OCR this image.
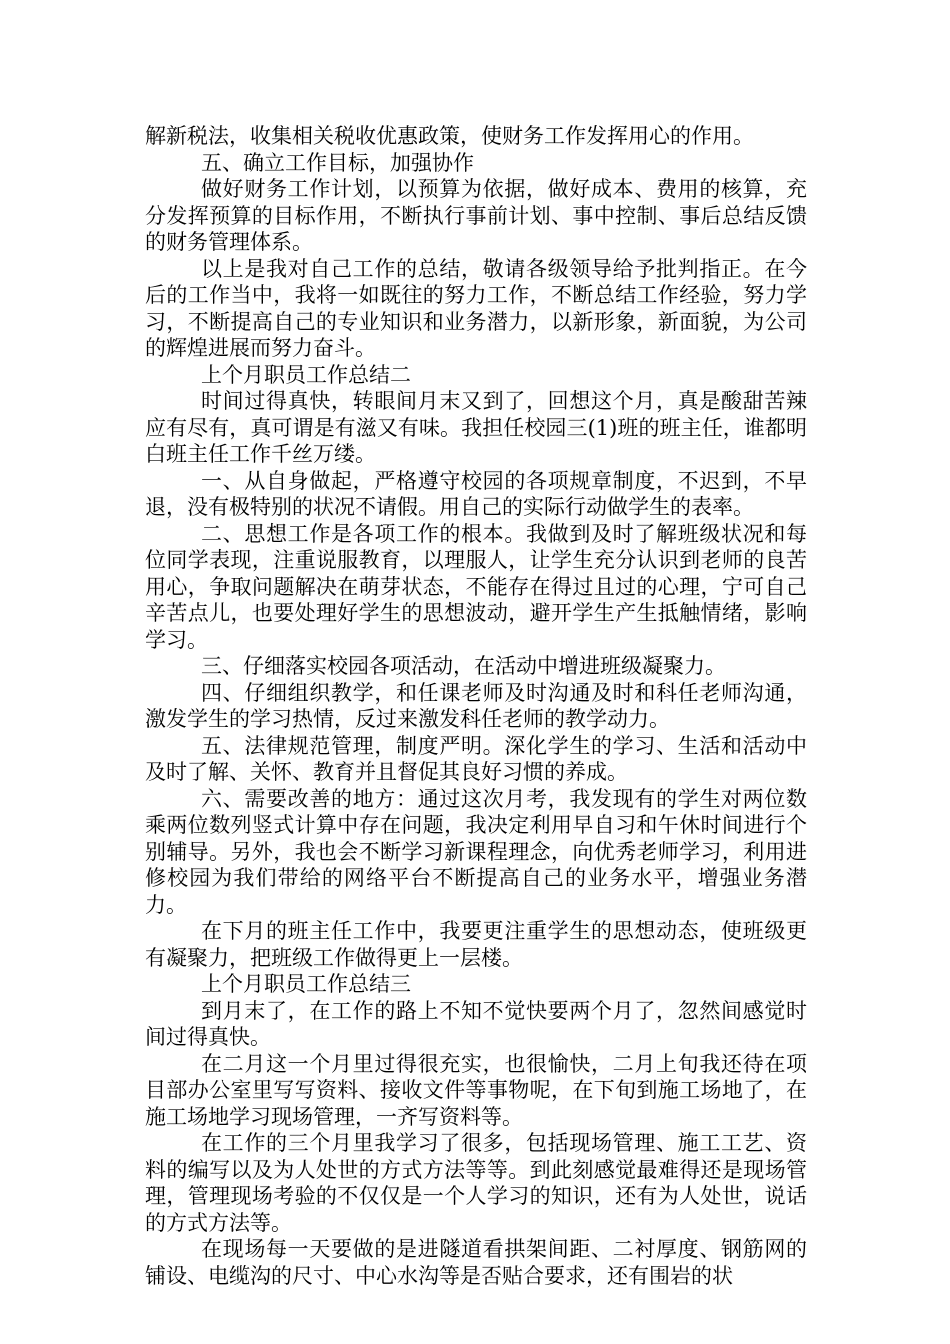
解新税法，收集相关税收优惠政策，使财务工作发挥用心的作用。

五、确立工作目标，加强协作

做好财务工作计划，以预算为依据，做好成本、费用的核算，充分发挥预算的目标作用，不断执行事前计划、事中控制、事后总结反馈的财务管理体系。

以上是我对自己工作的总结，敬请各级领导给予批判指正。在今后的工作当中，我将一如既往的努力工作，不断总结工作经验，努力学习，不断提高自己的专业知识和业务潜力，以新形象，新面貌，为公司的辉煌进展而努力奋斗。

上个月职员工作总结二

时间过得真快，转眼间月末又到了，回想这个月，真是酸甜苦辣应有尽有，真可谓是有滋又有味。我担任校园三(1)班的班主任，谁都明白班主任工作千丝万缕。

一、从自身做起，严格遵守校园的各项规章制度，不迟到，不早退，没有极特别的状况不请假。用自己的实际行动做学生的表率。

二、思想工作是各项工作的根本。我做到及时了解班级状况和每位同学表现，注重说服教育，以理服人，让学生充分认识到老师的良苦用心，争取问题解决在萌芽状态，不能存在得过且过的心理，宁可自己辛苦点儿，也要处理好学生的思想波动，避开学生产生抵触情绪，影响学习。

三、仔细落实校园各项活动，在活动中增进班级凝聚力。

四、仔细组织教学，和任课老师及时沟通及时和科任老师沟通，激发学生的学习热情，反过来激发科任老师的教学动力。

五、法律规范管理，制度严明。深化学生的学习、生活和活动中及时了解、关怀、教育并且督促其良好习惯的养成。

六、需要改善的地方：通过这次月考，我发现有的学生对两位数乘两位数列竖式计算中存在问题，我决定利用早自习和午休时间进行个别辅导。另外，我也会不断学习新课程理念，向优秀老师学习，利用进修校园为我们带给的网络平台不断提高自己的业务水平，增强业务潜力。

在下月的班主任工作中，我要更注重学生的思想动态，使班级更有凝聚力，把班级工作做得更上一层楼。

上个月职员工作总结三

到月末了，在工作的路上不知不觉快要两个月了，忽然间感觉时间过得真快。

在二月这一个月里过得很充实，也很愉快，二月上旬我还待在项目部办公室里写写资料、接收文件等事物呢，在下旬到施工场地了，在施工场地学习现场管理，一齐写资料等。

在工作的三个月里我学习了很多，包括现场管理、施工工艺、资料的编写以及为人处世的方式方法等等。到此刻感觉最难得还是现场管理，管理现场考验的不仅仅是一个人学习的知识，还有为人处世，说话的方式方法等。

在现场每一天要做的是进隧道看拱架间距、二衬厚度、钢筋网的铺设、电缆沟的尺寸、中心水沟等是否贴合要求，还有围岩的状
